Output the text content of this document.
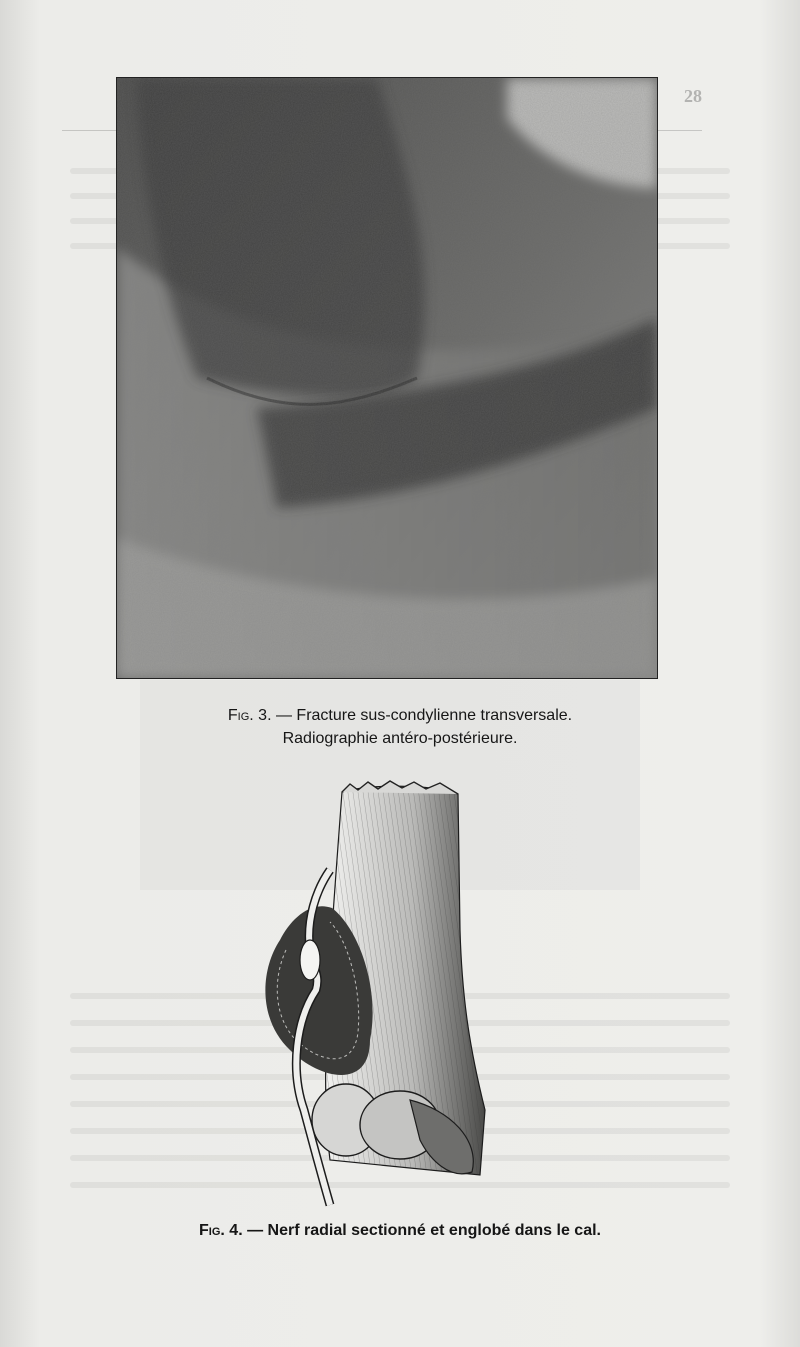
28
Fig. 3. — Fracture sus-condylienne transversale.
Radiographie antéro-postérieure.
Fig. 4. — Nerf radial sectionné et englobé dans le cal.
